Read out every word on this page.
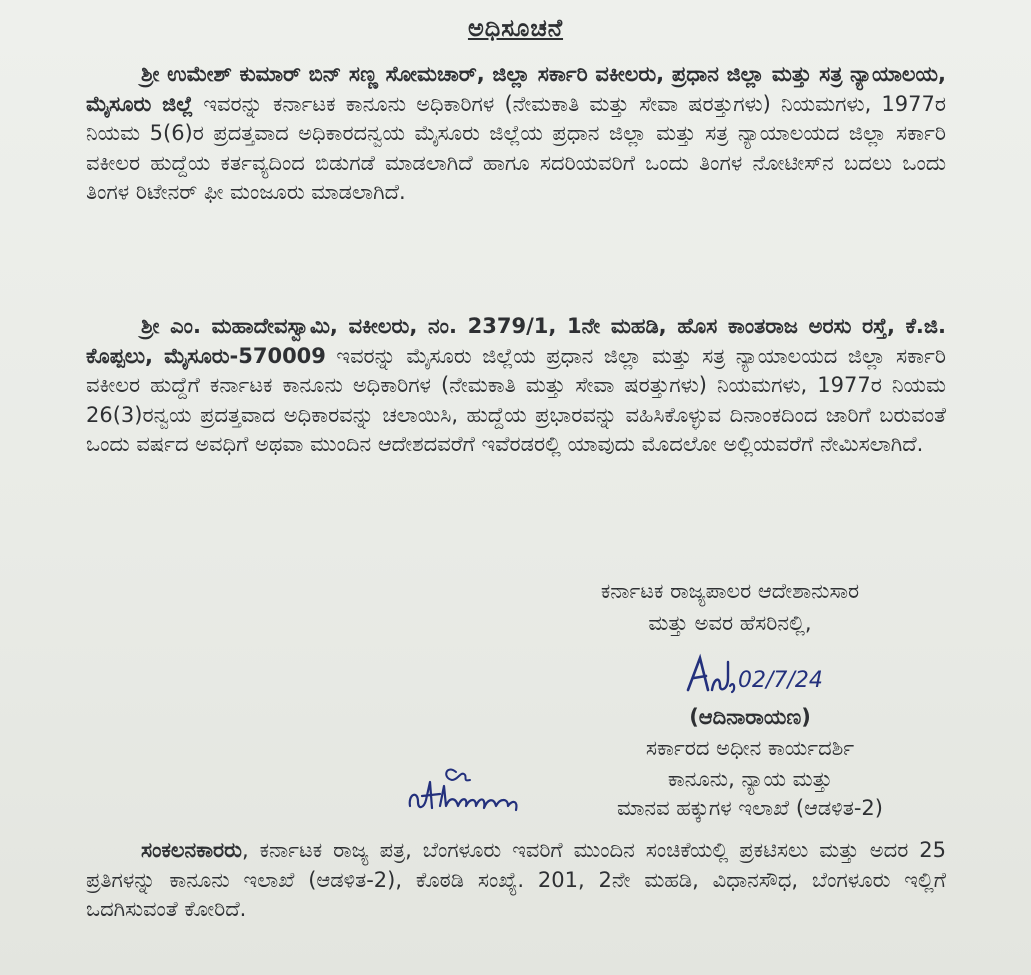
ಅಧಿಸೂಚನೆ
ಶ್ರೀ ಉಮೇಶ್ ಕುಮಾರ್ ಬಿನ್ ಸಣ್ಣ ಸೋಮಚಾರ್, ಜಿಲ್ಲಾ ಸರ್ಕಾರಿ ವಕೀಲರು, ಪ್ರಧಾನ ಜಿಲ್ಲಾ ಮತ್ತು ಸತ್ರ ನ್ಯಾಯಾಲಯ, ಮೈಸೂರು ಜಿಲ್ಲೆ ಇವರನ್ನು ಕರ್ನಾಟಕ ಕಾನೂನು ಅಧಿಕಾರಿಗಳ (ನೇಮಕಾತಿ ಮತ್ತು ಸೇವಾ ಷರತ್ತುಗಳು) ನಿಯಮಗಳು, 1977ರ ನಿಯಮ 5(6)ರ ಪ್ರದತ್ತವಾದ ಅಧಿಕಾರದನ್ವಯ ಮೈಸೂರು ಜಿಲ್ಲೆಯ ಪ್ರಧಾನ ಜಿಲ್ಲಾ ಮತ್ತು ಸತ್ರ ನ್ಯಾಯಾಲಯದ ಜಿಲ್ಲಾ ಸರ್ಕಾರಿ ವಕೀಲರ ಹುದ್ದೆಯ ಕರ್ತವ್ಯದಿಂದ ಬಿಡುಗಡೆ ಮಾಡಲಾಗಿದೆ ಹಾಗೂ ಸದರಿಯವರಿಗೆ ಒಂದು ತಿಂಗಳ ನೋಟೀಸ್‌ನ ಬದಲು ಒಂದು ತಿಂಗಳ ರಿಟೇನರ್ ಫೀ ಮಂಜೂರು ಮಾಡಲಾಗಿದೆ.
ಶ್ರೀ ಎಂ. ಮಹಾದೇವಸ್ವಾಮಿ, ವಕೀಲರು, ನಂ. 2379/1, 1ನೇ ಮಹಡಿ, ಹೊಸ ಕಾಂತರಾಜ ಅರಸು ರಸ್ತೆ, ಕೆ.ಜಿ. ಕೊಪ್ಪಲು, ಮೈಸೂರು-570009 ಇವರನ್ನು ಮೈಸೂರು ಜಿಲ್ಲೆಯ ಪ್ರಧಾನ ಜಿಲ್ಲಾ ಮತ್ತು ಸತ್ರ ನ್ಯಾಯಾಲಯದ ಜಿಲ್ಲಾ ಸರ್ಕಾರಿ ವಕೀಲರ ಹುದ್ದೆಗೆ ಕರ್ನಾಟಕ ಕಾನೂನು ಅಧಿಕಾರಿಗಳ (ನೇಮಕಾತಿ ಮತ್ತು ಸೇವಾ ಷರತ್ತುಗಳು) ನಿಯಮಗಳು, 1977ರ ನಿಯಮ 26(3)ರನ್ವಯ ಪ್ರದತ್ತವಾದ ಅಧಿಕಾರವನ್ನು ಚಲಾಯಿಸಿ, ಹುದ್ದೆಯ ಪ್ರಭಾರವನ್ನು ವಹಿಸಿಕೊಳ್ಳುವ ದಿನಾಂಕದಿಂದ ಜಾರಿಗೆ ಬರುವಂತೆ ಒಂದು ವರ್ಷದ ಅವಧಿಗೆ ಅಥವಾ ಮುಂದಿನ ಆದೇಶದವರೆಗೆ ಇವೆರಡರಲ್ಲಿ ಯಾವುದು ಮೊದಲೋ ಅಲ್ಲಿಯವರೆಗೆ ನೇಮಿಸಲಾಗಿದೆ.
ಕರ್ನಾಟಕ ರಾಜ್ಯಪಾಲರ ಆದೇಶಾನುಸಾರ
ಮತ್ತು ಅವರ ಹೆಸರಿನಲ್ಲಿ,
02/7/24
(ಆದಿನಾರಾಯಣ)
ಸರ್ಕಾರದ ಅಧೀನ ಕಾರ್ಯದರ್ಶಿ
ಕಾನೂನು, ನ್ಯಾಯ ಮತ್ತು
ಮಾನವ ಹಕ್ಕುಗಳ ಇಲಾಖೆ (ಆಡಳಿತ-2)
ಸಂಕಲನಕಾರರು, ಕರ್ನಾಟಕ ರಾಜ್ಯ ಪತ್ರ, ಬೆಂಗಳೂರು ಇವರಿಗೆ ಮುಂದಿನ ಸಂಚಿಕೆಯಲ್ಲಿ ಪ್ರಕಟಿಸಲು ಮತ್ತು ಅದರ 25 ಪ್ರತಿಗಳನ್ನು ಕಾನೂನು ಇಲಾಖೆ (ಆಡಳಿತ-2), ಕೊಠಡಿ ಸಂಖ್ಯೆ. 201, 2ನೇ ಮಹಡಿ, ವಿಧಾನಸೌಧ, ಬೆಂಗಳೂರು ಇಲ್ಲಿಗೆ ಒದಗಿಸುವಂತೆ ಕೋರಿದೆ.
